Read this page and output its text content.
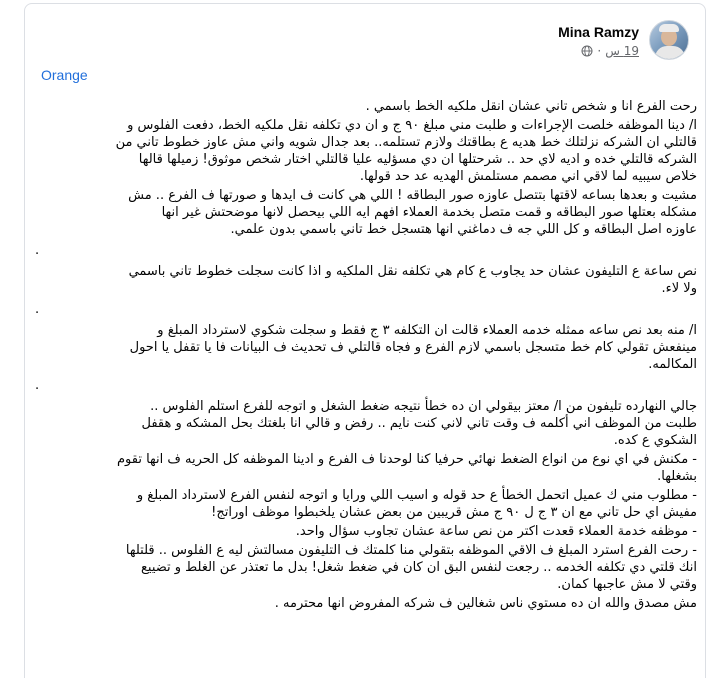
Mina Ramzy
· 19 س
Orange

رحت الفرع انا و شخص تاني عشان انقل ملكيه الخط باسمي .

ا/ دينا الموظفه خلصت الإجراءات و طلبت مني مبلغ ٩٠ ج و ان دي تكلفه نقل ملكيه الخط، دفعت الفلوس و
قالتلي ان الشركه نزلتلك خط هديه ع بطاقتك ولازم تستلمه.. بعد جدال شويه واني مش عاوز خطوط تاني من
الشركه قالتلي خده و اديه لاي حد .. شرحتلها ان دي مسؤليه عليا قالتلي اختار شخص موثوق! زميلها قالها
خلاص سيبيه لما لاقي اني مصمم مستلمش الهديه عد حد قولها.

مشيت و بعدها بساعه لاقتها بتتصل عاوزه صور البطاقه ! اللي هي كانت ف ايدها و صورتها ف الفرع .. مش
مشكله بعتلها صور البطاقه و قمت متصل بخدمة العملاء افهم ايه اللي بيحصل لانها موضحتش غير انها
عاوزه اصل البطاقه و كل اللي جه ف دماغني انها هتسجل خط تاني باسمي بدون علمي.

.

نص ساعة ع التليفون عشان حد يجاوب ع كام هي تكلفه نقل الملكيه و اذا كانت سجلت خطوط تاني باسمي
ولا لاء.

.

ا/ منه بعد نص ساعه ممثله خدمه العملاء قالت ان التكلفه ٣ ج فقط و سجلت شكوي لاسترداد المبلغ و
مينفعش تقولي كام خط متسجل باسمي لازم الفرع و فجاه قالتلي ف تحديث ف البيانات فا يا تقفل يا احول
المكالمه.

.

جالي النهارده تليفون من ا/ معتز بيقولي ان ده خطأ نتيجه ضغط الشغل و اتوجه للفرع استلم الفلوس ..
طلبت من الموظف اني أكلمه ف وقت تاني لاني كنت نايم .. رفض و قالي انا بلغتك بحل المشكه و هقفل
الشكوي ع كده.

- مكنش في اي نوع من انواع الضغط نهائي حرفيا كنا لوحدنا ف الفرع و ادينا الموظفه كل الحريه ف انها تقوم
بشغلها.

- مطلوب مني ك عميل اتحمل الخطأ ع حد قوله و اسيب اللي ورايا و اتوجه لنفس الفرع لاسترداد المبلغ و
مفيش اي حل تاني مع ان ٣ ج ل ٩٠ ج مش قريبين من بعض عشان يلخبطوا موظف اوراتج!

- موظفه خدمة العملاء قعدت اكتر من نص ساعة عشان تجاوب سؤال واحد.

- رحت الفرع استرد المبلغ ف الاقي الموظفه بتقولي منا كلمتك ف التليفون مسالتش ليه ع الفلوس .. قلتلها
انك قلتي دي تكلفه الخدمه .. رجعت لنفس البق ان كان في ضغط شغل! بدل ما تعتذر عن الغلط و تضييع
وقتي لا مش عاجبها كمان.

مش مصدق والله ان ده مستوي ناس شغالين ف شركه المفروض انها محترمه .
